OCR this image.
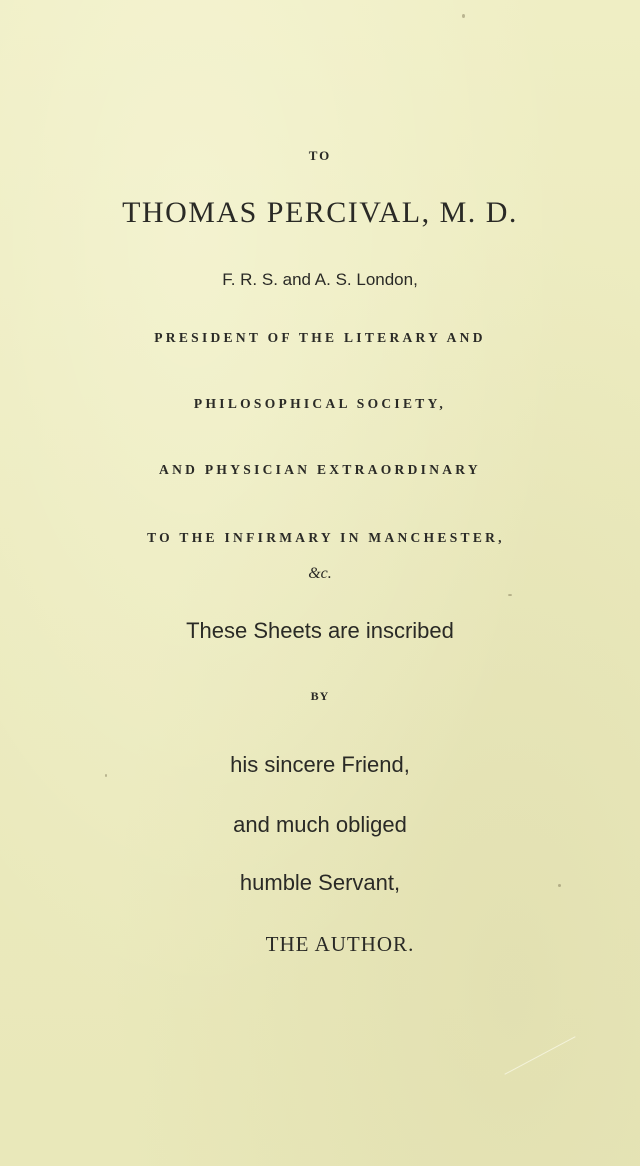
TO
THOMAS PERCIVAL, M. D.
F. R. S. and A. S. London,
PRESIDENT OF THE LITERARY AND
PHILOSOPHICAL SOCIETY,
AND PHYSICIAN EXTRAORDINARY
TO THE INFIRMARY IN MANCHESTER,
&c.
These Sheets are inscribed
BY
his sincere Friend,
and much obliged
humble Servant,
THE AUTHOR.
